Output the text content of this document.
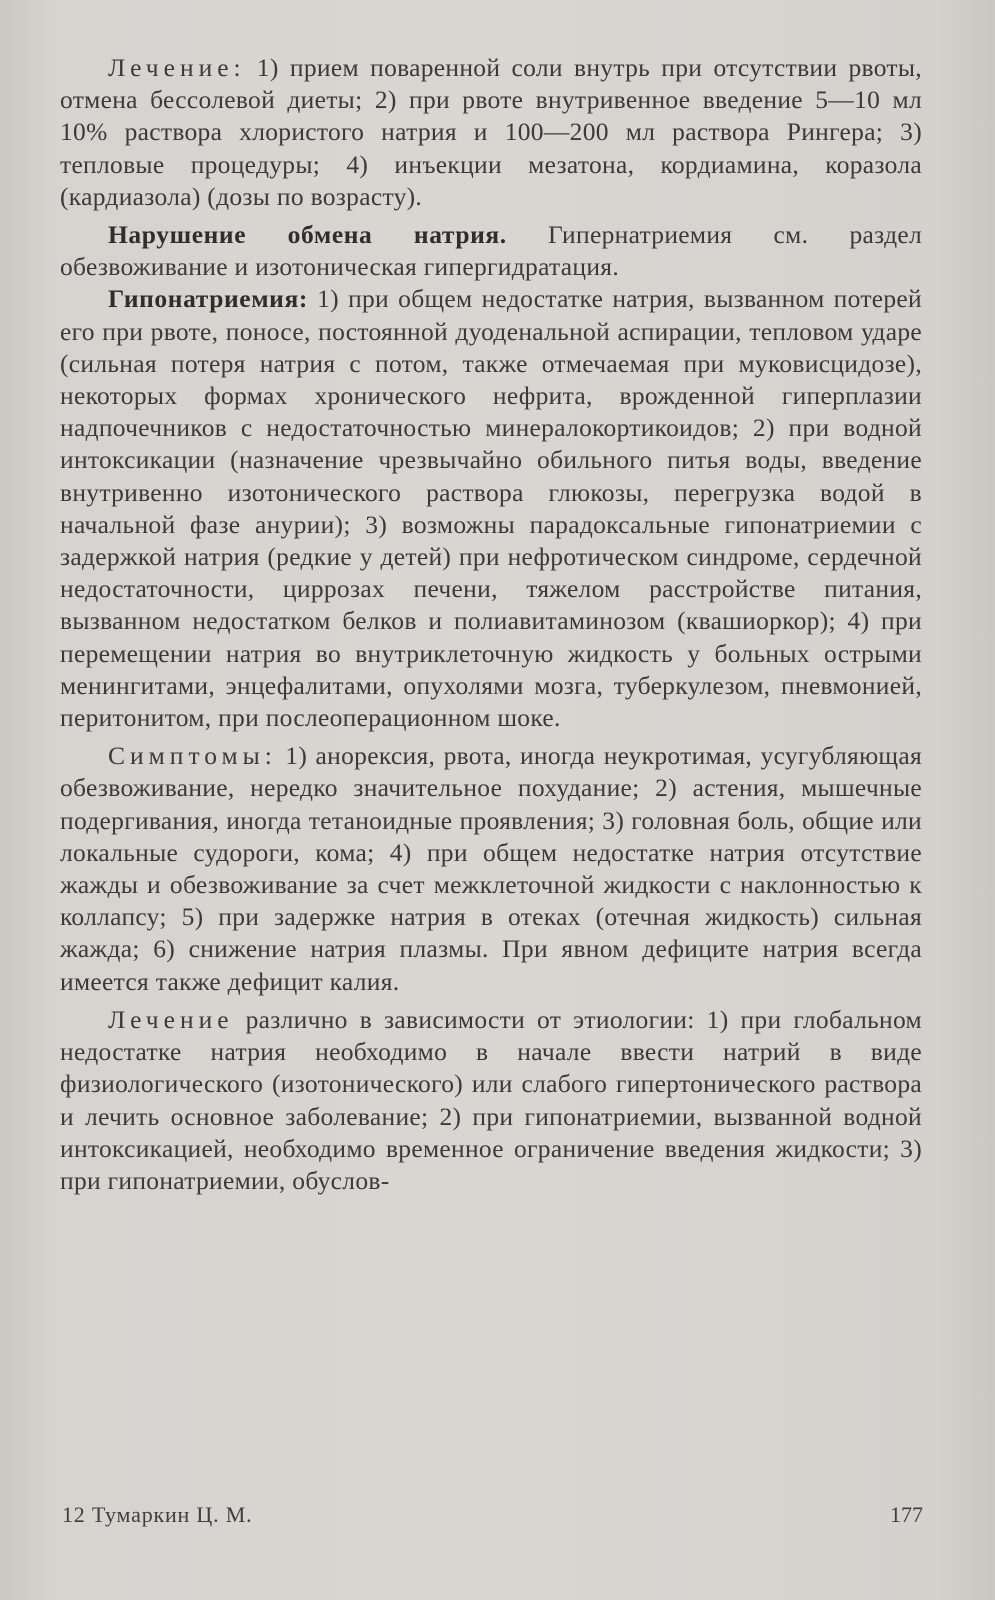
Лечение: 1) прием поваренной соли внутрь при отсутствии рвоты, отмена бессолевой диеты; 2) при рвоте внутривенное введение 5—10 мл 10% раствора хлористого натрия и 100—200 мл раствора Рингера; 3) тепловые процедуры; 4) инъекции мезатона, кордиамина, коразола (кардиазола) (дозы по возрасту).

Нарушение обмена натрия. Гипернатриемия см. раздел обезвоживание и изотоническая гипергидратация.

Гипонатриемия: 1) при общем недостатке натрия, вызванном потерей его при рвоте, поносе, постоянной дуоденальной аспирации, тепловом ударе (сильная потеря натрия с потом, также отмечаемая при муковисцидозе), некоторых формах хронического нефрита, врожденной гиперплазии надпочечников с недостаточностью минералокортикоидов; 2) при водной интоксикации (назначение чрезвычайно обильного питья воды, введение внутривенно изотонического раствора глюкозы, перегрузка водой в начальной фазе анурии); 3) возможны парадоксальные гипонатриемии с задержкой натрия (редкие у детей) при нефротическом синдроме, сердечной недостаточности, циррозах печени, тяжелом расстройстве питания, вызванном недостатком белков и полиавитаминозом (квашиоркор); 4) при перемещении натрия во внутриклеточную жидкость у больных острыми менингитами, энцефалитами, опухолями мозга, туберкулезом, пневмонией, перитонитом, при послеоперационном шоке.

Симптомы: 1) анорексия, рвота, иногда неукротимая, усугубляющая обезвоживание, нередко значительное похудание; 2) астения, мышечные подергивания, иногда тетаноидные проявления; 3) головная боль, общие или локальные судороги, кома; 4) при общем недостатке натрия отсутствие жажды и обезвоживание за счет межклеточной жидкости с наклонностью к коллапсу; 5) при задержке натрия в отеках (отечная жидкость) сильная жажда; 6) снижение натрия плазмы. При явном дефиците натрия всегда имеется также дефицит калия.

Лечение различно в зависимости от этиологии: 1) при глобальном недостатке натрия необходимо в начале ввести натрий в виде физиологического (изотонического) или слабого гипертонического раствора и лечить основное заболевание; 2) при гипонатриемии, вызванной водной интоксикацией, необходимо временное ограничение введения жидкости; 3) при гипонатриемии, обуслов-

12 Тумаркин Ц. М.	177
